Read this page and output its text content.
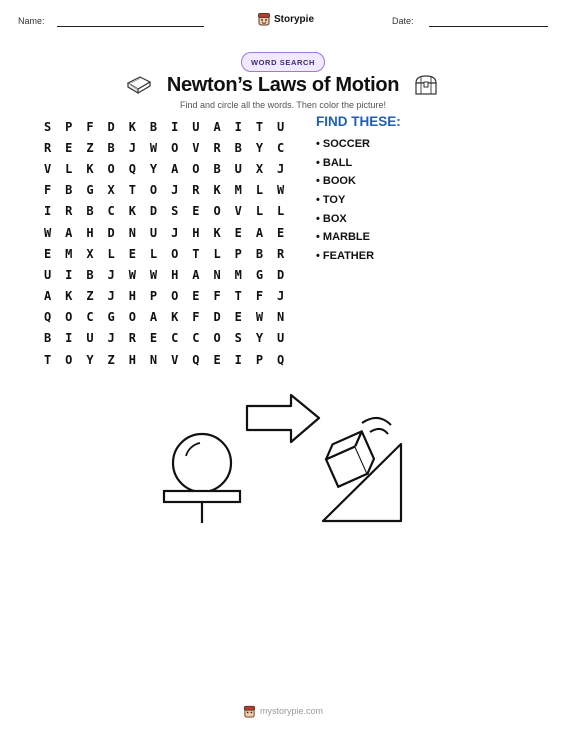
Name:	Storypie	Date:
WORD SEARCH
Newton’s Laws of Motion
Find and circle all the words. Then color the picture!
S	P	F	D	K	B	I	U	A	I	T	U
R	E	Z	B	J	W	O	V	R	B	Y	C
V	L	K	O	Q	Y	A	O	B	U	X	J
F	B	G	X	T	O	J	R	K	M	L	W
I	R	B	C	K	D	S	E	O	V	L	L
W	A	H	D	N	U	J	H	K	E	A	E
E	M	X	L	E	L	O	T	L	P	B	R
U	I	B	J	W	W	H	A	N	M	G	D
A	K	Z	J	H	P	O	E	F	T	F	J
Q	O	C	G	O	A	K	F	D	E	W	N
B	I	U	J	R	E	C	C	O	S	Y	U
T	O	Y	Z	H	N	V	Q	E	I	P	Q
FIND THESE:
• SOCCER
• BALL
• BOOK
• TOY
• BOX
• MARBLE
• FEATHER
mystorypie.com
